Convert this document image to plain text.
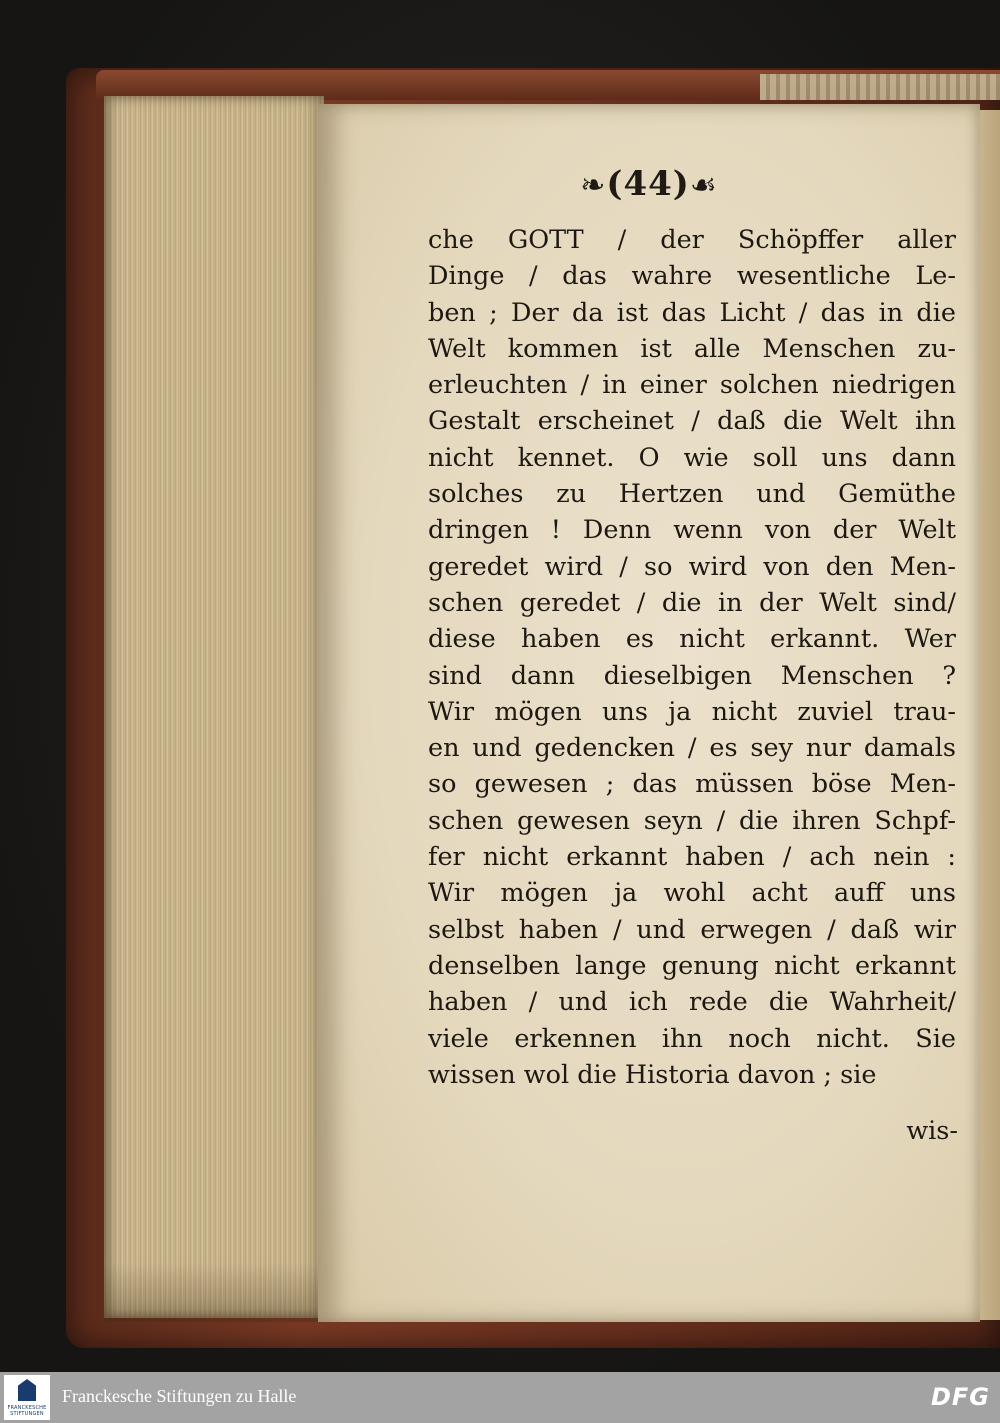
❧(44)☙
che GOTT / der Schöpffer aller
Dinge / das wahre wesentliche Le-
ben ; Der da ist das Licht / das in die
Welt kommen ist alle Menschen zu-
erleuchten / in einer solchen niedrigen
Gestalt erscheinet / daß die Welt ihn
nicht kennet. O wie soll uns dann
solches zu Hertzen und Gemüthe
dringen ! Denn wenn von der Welt
geredet wird / so wird von den Men-
schen geredet / die in der Welt sind/
diese haben es nicht erkannt. Wer
sind dann dieselbigen Menschen ?
Wir mögen uns ja nicht zuviel trau-
en und gedencken / es sey nur damals
so gewesen ; das müssen böse Men-
schen gewesen seyn / die ihren Schpf-
fer nicht erkannt haben / ach nein :
Wir mögen ja wohl acht auff uns
selbst haben / und erwegen / daß wir
denselben lange genung nicht erkannt
haben / und ich rede die Wahrheit/
viele erkennen ihn noch nicht. Sie
wissen wol die Historia davon ; sie
wis-
FRANCKESCHE STIFTUNGEN
Franckesche Stiftungen zu Halle	DFG
